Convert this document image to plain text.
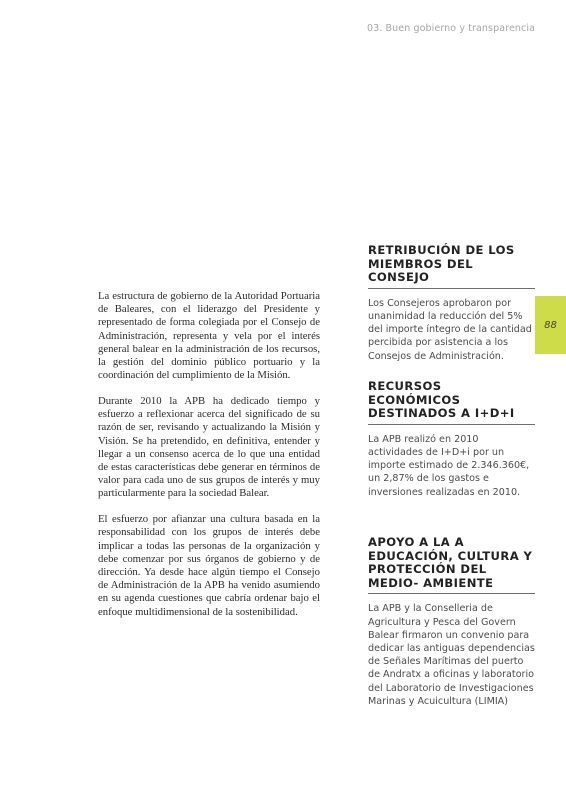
03. Buen gobierno y transparencia

La estructura de gobierno de la Autoridad Portuaria de Baleares, con el liderazgo del Presidente y representado de forma colegiada por el Consejo de Administración, representa y vela por el interés general balear en la administración de los recursos, la gestión del dominio público portuario y la coordinación del cumplimiento de la Misión.

Durante 2010 la APB ha dedicado tiempo y esfuerzo a reflexionar acerca del significado de su razón de ser, revisando y actualizando la Misión y Visión. Se ha pretendido, en definitiva, entender y llegar a un consenso acerca de lo que una entidad de estas características debe generar en términos de valor para cada uno de sus grupos de interés y muy particularmente para la sociedad Balear.

El esfuerzo por afianzar una cultura basada en la responsabilidad con los grupos de interés debe implicar a todas las personas de la organización y debe comenzar por sus órganos de gobierno y de dirección. Ya desde hace algún tiempo el Consejo de Administración de la APB ha venido asumiendo en su agenda cuestiones que cabría ordenar bajo el enfoque multidimensional de la sostenibilidad.

RETRIBUCIÓN DE LOS MIEMBROS DEL CONSEJO

Los Consejeros aprobaron por unanimidad la reducción del 5% del importe íntegro de la cantidad percibida por asistencia a los Consejos de Administración.

RECURSOS ECONÓMICOS DESTINADOS A I+D+I

La APB realizó en 2010 actividades de I+D+i por un importe estimado de 2.346.360€, un 2,87% de los gastos e inversiones realizadas en 2010.

APOYO A LA A EDUCACIÓN, CULTURA Y PROTECCIÓN DEL MEDIO- AMBIENTE

La APB y la Conselleria de Agricultura y Pesca del Govern Balear firmaron un convenio para dedicar las antiguas dependencias de Señales Marítimas del puerto de Andratx a oficinas y laboratorio del Laboratorio de Investigaciones Marinas y Acuicultura (LIMIA)

88
